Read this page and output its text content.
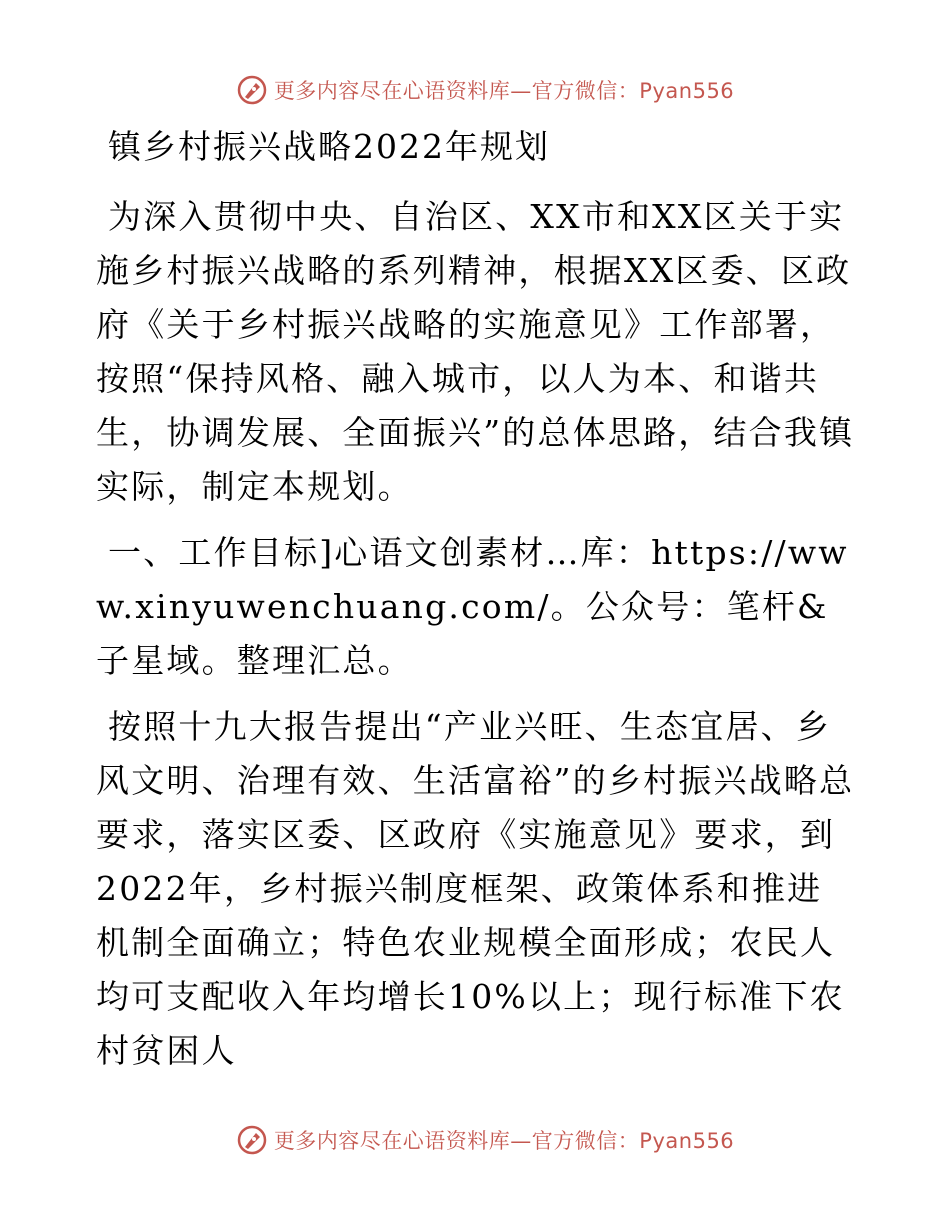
更多内容尽在心语资料库—官方微信：Pyan556
镇乡村振兴战略2022年规划

为深入贯彻中央、自治区、XX市和XX区关于实施乡村振兴战略的系列精神，根据XX区委、区政府《关于乡村振兴战略的实施意见》工作部署，按照“保持风格、融入城市，以人为本、和谐共生，协调发展、全面振兴”的总体思路，结合我镇实际，制定本规划。

一、工作目标]心语文创素材…库：https://www.xinyuwenchuang.com/。公众号：笔杆&子星域。整理汇总。

按照十九大报告提出“产业兴旺、生态宜居、乡风文明、治理有效、生活富裕”的乡村振兴战略总要求，落实区委、区政府《实施意见》要求，到2022年，乡村振兴制度框架、政策体系和推进机制全面确立；特色农业规模全面形成；农民人均可支配收入年均增长10%以上；现行标准下农村贫困人

更多内容尽在心语资料库—官方微信：Pyan556
